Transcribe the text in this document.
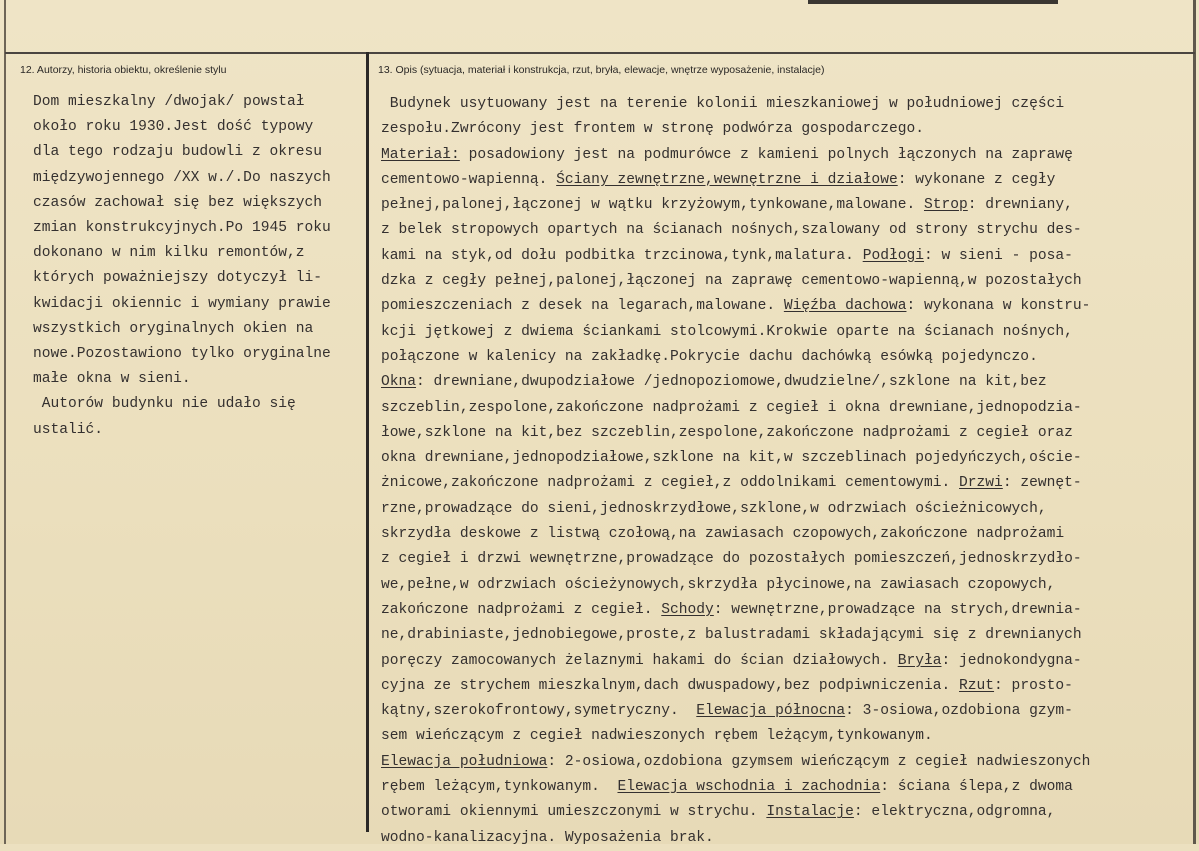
12. Autorzy, historia obiektu, określenie stylu	13. Opis (sytuacja, materiał i konstrukcja, rzut, bryła, elewacje, wnętrze wyposażenie, instalacje)
Dom mieszkalny /dwojak/ powstał
około roku 1930.Jest dość typowy
dla tego rodzaju budowli z okresu
międzywojennego /XX w./.Do naszych
czasów zachował się bez większych
zmian konstrukcyjnych.Po 1945 roku
dokonano w nim kilku remontów,z
których poważniejszy dotyczył li-
kwidacji okiennic i wymiany prawie
wszystkich oryginalnych okien na
nowe.Pozostawiono tylko oryginalne
małe okna w sieni.
Autorów budynku nie udało się
ustalić.
Budynek usytuowany jest na terenie kolonii mieszkaniowej w południowej części
zespołu.Zwrócony jest frontem w stronę podwórza gospodarczego.
Materiał: posadowiony jest na podmurówce z kamieni polnych łączonych na zaprawę
cementowo-wapienną. Ściany zewnętrzne,wewnętrzne i działowe: wykonane z cegły
pełnej,palonej,łączonej w wątku krzyżowym,tynkowane,malowane. Strop: drewniany,
z belek stropowych opartych na ścianach nośnych,szalowany od strony strychu des-
kami na styk,od dołu podbitka trzcinowa,tynk,malatura. Podłogi: w sieni - posa-
dzka z cegły pełnej,palonej,łączonej na zaprawę cementowo-wapienną,w pozostałych
pomieszczeniach z desek na legarach,malowane. Więźba dachowa: wykonana w konstru-
kcji jętkowej z dwiema ściankami stolcowymi.Krokwie oparte na ścianach nośnych,
połączone w kalenicy na zakładkę.Pokrycie dachu dachówką esówką pojedynczo.
Okna: drewniane,dwupodziałowe /jednopoziomowe,dwudzielne/,szklone na kit,bez
szczeblin,zespolone,zakończone nadprożami z cegieł i okna drewniane,jednopodzia-
łowe,szklone na kit,bez szczeblin,zespolone,zakończone nadprożami z cegieł oraz
okna drewniane,jednopodziałowe,szklone na kit,w szczeblinach pojedyńczych,oście-
żnicowe,zakończone nadprożami z cegieł,z oddolnikami cementowymi. Drzwi: zewnęt-
rzne,prowadzące do sieni,jednoskrzydłowe,szklone,w odrzwiach ościeżnicowych,
skrzydła deskowe z listwą czołową,na zawiasach czopowych,zakończone nadprożami
z cegieł i drzwi wewnętrzne,prowadzące do pozostałych pomieszczeń,jednoskrzydło-
we,pełne,w odrzwiach ościeżynowych,skrzydła płycinowe,na zawiasach czopowych,
zakończone nadprożami z cegieł. Schody: wewnętrzne,prowadzące na strych,drewnia-
ne,drabiniaste,jednobiegowe,proste,z balustradami składającymi się z drewnianych
poręczy zamocowanych żelaznymi hakami do ścian działowych. Bryła: jednokondygna-
cyjna ze strychem mieszkalnym,dach dwuspadowy,bez podpiwniczenia. Rzut: prosto-
kątny,szerokofrontowy,symetryczny.  Elewacja północna: 3-osiowa,ozdobiona gzym-
sem wieńczącym z cegieł nadwieszonych rębem leżącym,tynkowanym.
Elewacja południowa: 2-osiowa,ozdobiona gzymsem wieńczącym z cegieł nadwieszonych
rębem leżącym,tynkowanym.  Elewacja wschodnia i zachodnia: ściana ślepa,z dwoma
otworami okiennymi umieszczonymi w strychu. Instalacje: elektryczna,odgromna,
wodno-kanalizacyjna. Wyposażenia brak.
